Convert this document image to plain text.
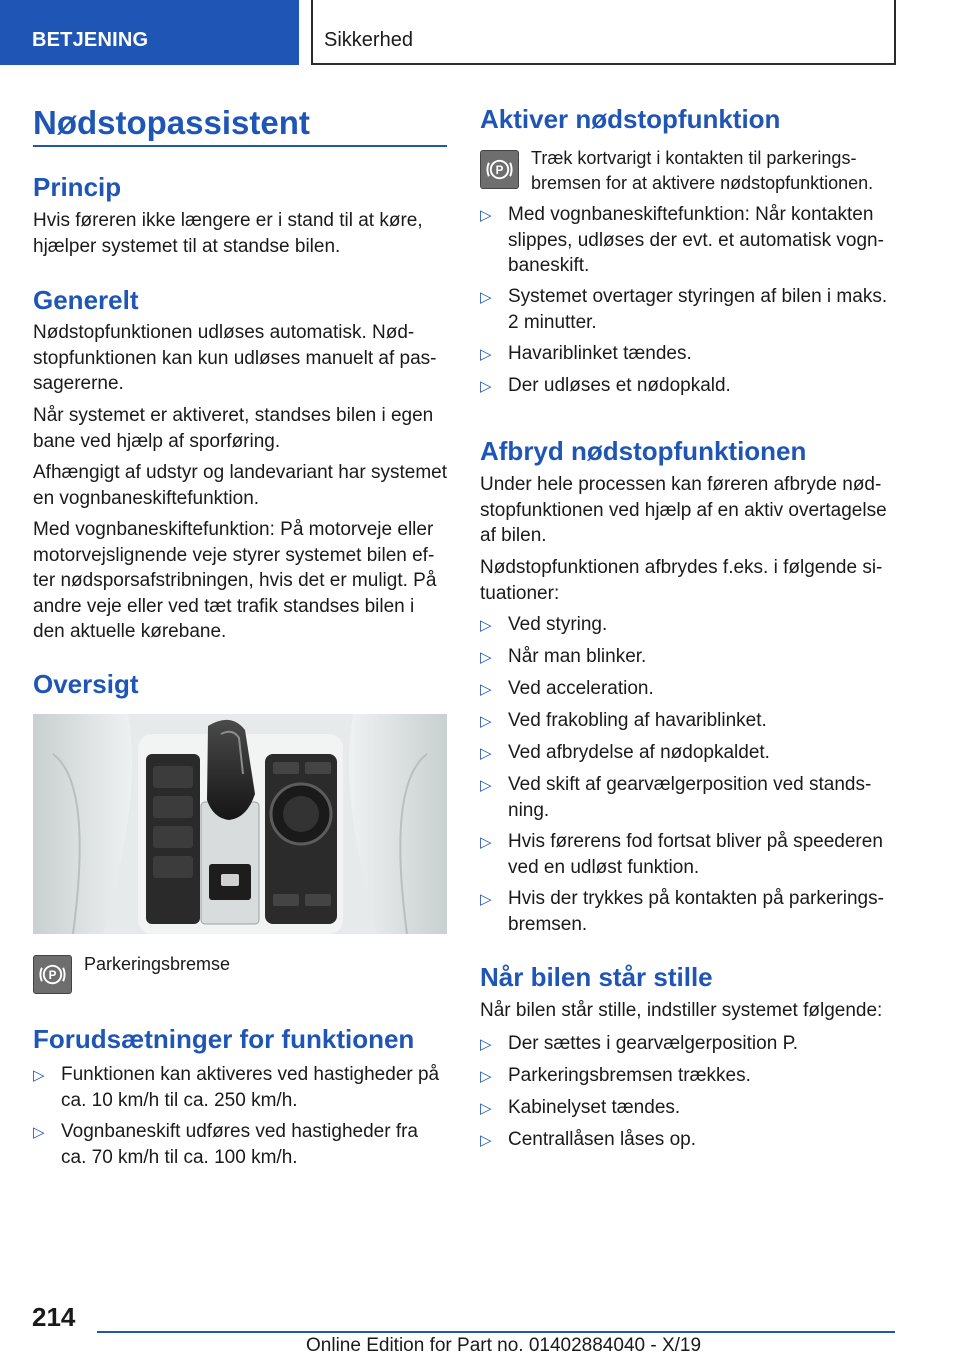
BETJENING	Sikkerhed
Nødstopassistent
Princip
Hvis føreren ikke længere er i stand til at køre,
hjælper systemet til at standse bilen.
Generelt
Nødstopfunktionen udløses automatisk. Nød-
stopfunktionen kan kun udløses manuelt af pas-
sagererne.
Når systemet er aktiveret, standses bilen i egen
bane ved hjælp af sporføring.
Afhængigt af udstyr og landevariant har systemet
en vognbaneskiftefunktion.
Med vognbaneskiftefunktion: På motorveje eller
motorvejslignende veje styrer systemet bilen ef-
ter nødsporsafstribningen, hvis det er muligt. På
andre veje eller ved tæt trafik standses bilen i
den aktuelle kørebane.
Oversigt
P
Parkeringsbremse
Forudsætninger for funktionen
▷ Funktionen kan aktiveres ved hastigheder på
ca. 10 km/h til ca. 250 km/h.
▷ Vognbaneskift udføres ved hastigheder fra
ca. 70 km/h til ca. 100 km/h.
Aktiver nødstopfunktion
P
Træk kortvarigt i kontakten til parkerings-
bremsen for at aktivere nødstopfunktionen.
▷ Med vognbaneskiftefunktion: Når kontakten
slippes, udløses der evt. et automatisk vogn-
baneskift.
▷ Systemet overtager styringen af bilen i maks.
2 minutter.
▷ Havariblinket tændes.
▷ Der udløses et nødopkald.
Afbryd nødstopfunktionen
Under hele processen kan føreren afbryde nød-
stopfunktionen ved hjælp af en aktiv overtagelse
af bilen.
Nødstopfunktionen afbrydes f.eks. i følgende si-
tuationer:
▷ Ved styring.
▷ Når man blinker.
▷ Ved acceleration.
▷ Ved frakobling af havariblinket.
▷ Ved afbrydelse af nødopkaldet.
▷ Ved skift af gearvælgerposition ved stands-
ning.
▷ Hvis førerens fod fortsat bliver på speederen
ved en udløst funktion.
▷ Hvis der trykkes på kontakten på parkerings-
bremsen.
Når bilen står stille
Når bilen står stille, indstiller systemet følgende:
▷ Der sættes i gearvælgerposition P.
▷ Parkeringsbremsen trækkes.
▷ Kabinelyset tændes.
▷ Centrallåsen låses op.
214
Online Edition for Part no. 01402884040 - X/19
